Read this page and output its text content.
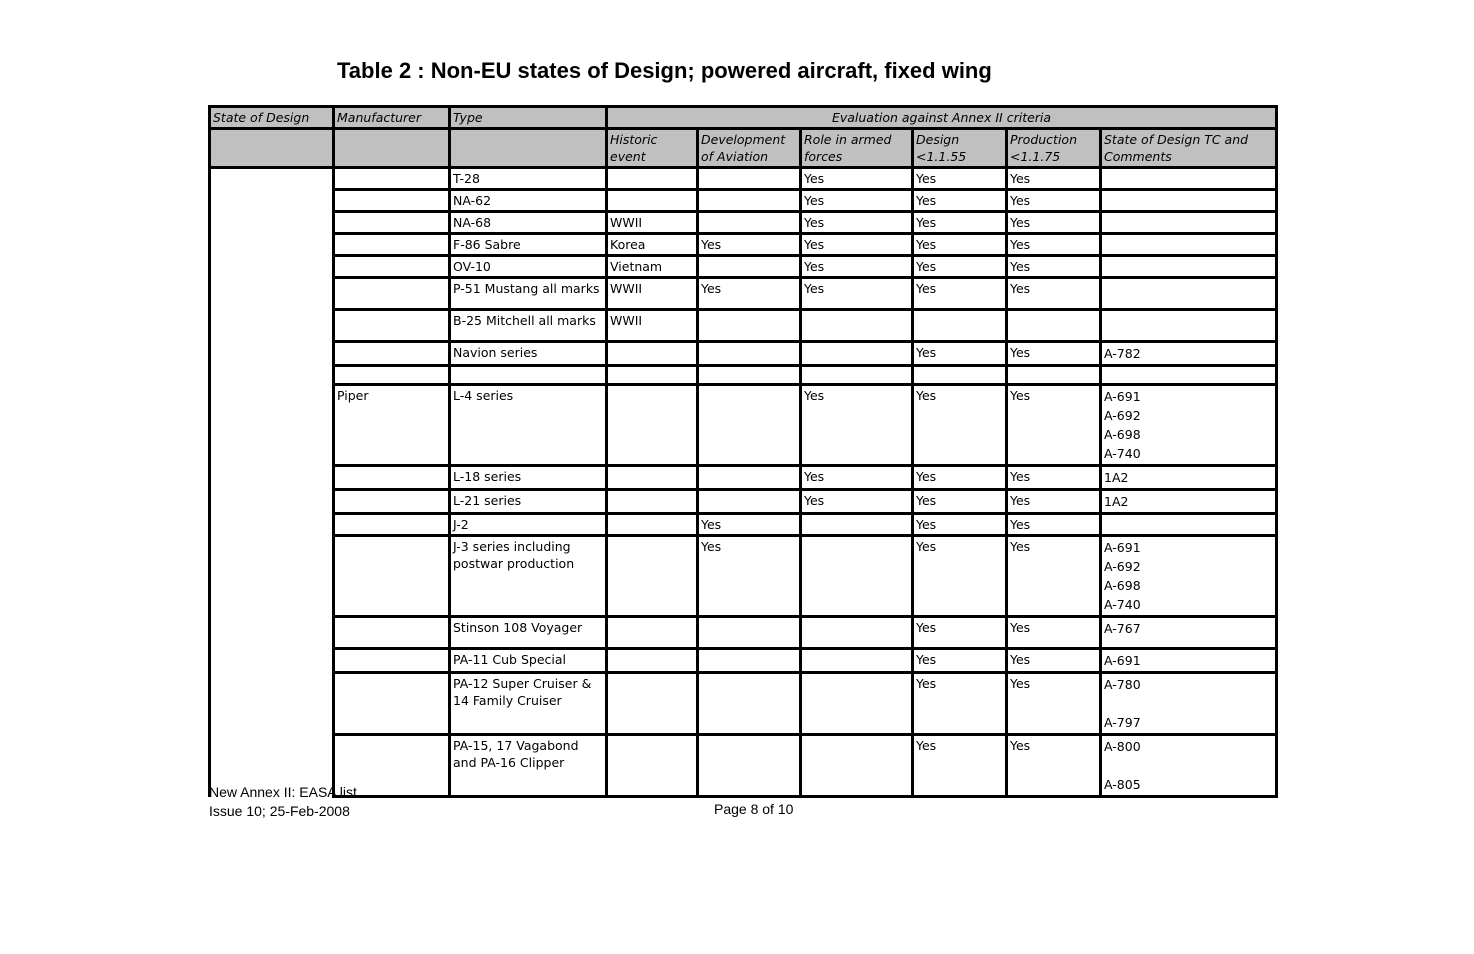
Table 2 : Non-EU states of Design; powered aircraft, fixed wing
State of Design	Manufacturer	Type	Evaluation against Annex II criteria					
			Historic event	Development of Aviation	Role in armed forces	Design <1.1.55	Production <1.1.75	State of Design TC and Comments
		T-28			Yes	Yes	Yes	
		NA-62			Yes	Yes	Yes	
		NA-68	WWII		Yes	Yes	Yes	
		F-86 Sabre	Korea	Yes	Yes	Yes	Yes	
		OV-10	Vietnam		Yes	Yes	Yes	
		P-51 Mustang all marks	WWII	Yes	Yes	Yes	Yes	
		B-25 Mitchell all marks	WWII					
		Navion series				Yes	Yes	A-782

	Piper	L-4 series			Yes	Yes	Yes	A-691
A-692
A-698
A-740

		L-18 series			Yes	Yes	Yes	1A2

		L-21 series			Yes	Yes	Yes	1A2

		J-2		Yes		Yes	Yes	
		J-3 series including postwar production		Yes		Yes	Yes	A-691
A-692
A-698
A-740

		Stinson 108 Voyager				Yes	Yes	A-767

		PA-11 Cub Special				Yes	Yes	A-691

		PA-12 Super Cruiser & 14 Family Cruiser				Yes	Yes	A-780

A-797

		PA-15, 17 Vagabond and PA-16 Clipper				Yes	Yes	A-800

A-805
New Annex II: EASA list
Issue 10; 25-Feb-2008	Page 8 of 10
